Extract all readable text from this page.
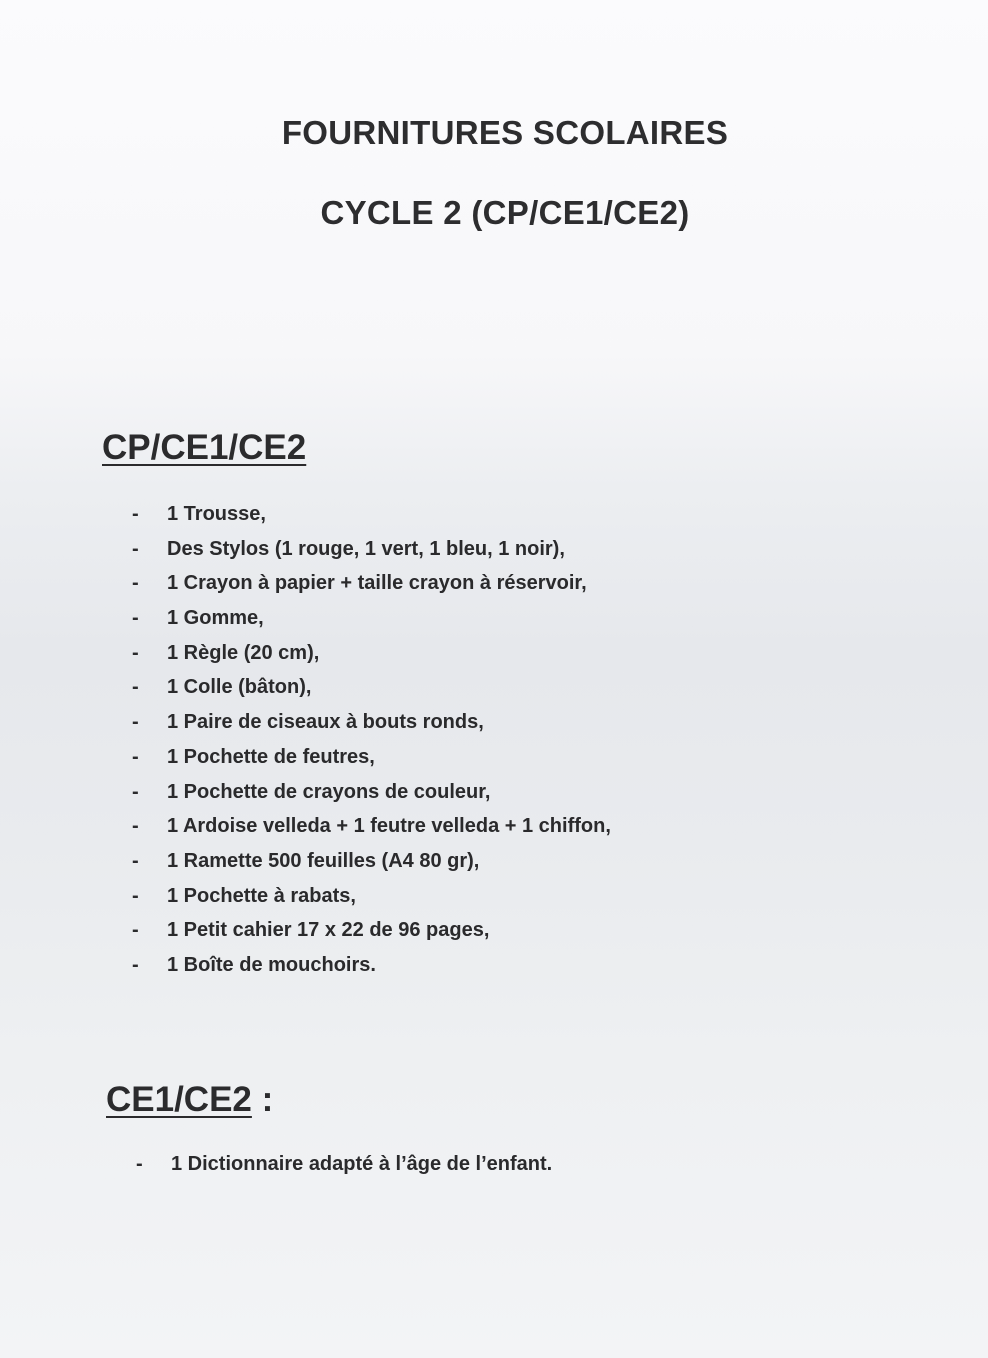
FOURNITURES SCOLAIRES
CYCLE 2 (CP/CE1/CE2)
CP/CE1/CE2
- 1 Trousse,
- Des Stylos (1 rouge, 1 vert, 1 bleu, 1 noir),
- 1 Crayon à papier + taille crayon à réservoir,
- 1 Gomme,
- 1 Règle (20 cm),
- 1 Colle (bâton),
- 1 Paire de ciseaux à bouts ronds,
- 1 Pochette de feutres,
- 1 Pochette de crayons de couleur,
- 1 Ardoise velleda + 1 feutre velleda + 1 chiffon,
- 1 Ramette 500 feuilles (A4 80 gr),
- 1 Pochette à rabats,
- 1 Petit cahier 17 x 22 de 96 pages,
- 1 Boîte de mouchoirs.
CE1/CE2 :
- 1 Dictionnaire adapté à l’âge de l’enfant.
